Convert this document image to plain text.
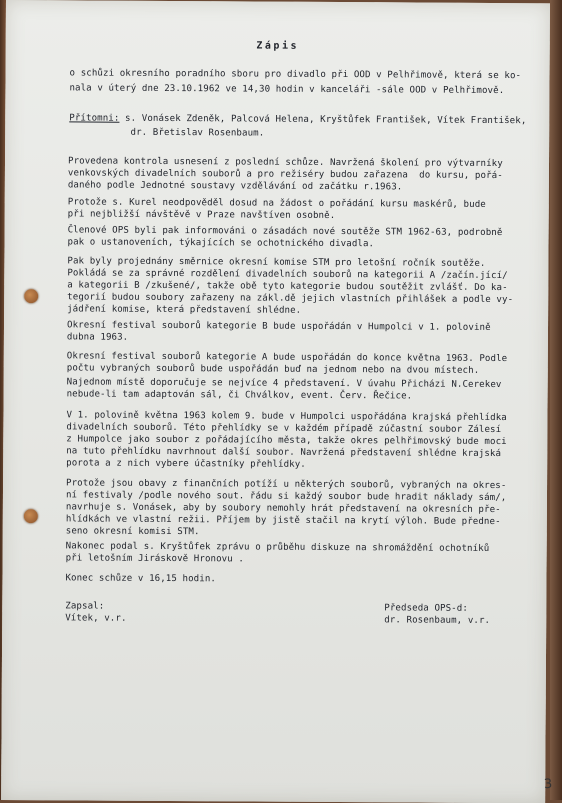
Zápis
o schůzi okresního poradního sboru pro divadlo při OOD v Pelhřimově, která se ko-
nala v úterý dne 23.10.1962 ve 14,30 hodin v kanceláři -sále OOD v Pelhřimově.
Přítomni: s. Vonásek Zdeněk, Palcová Helena, Kryštůfek František, Vítek František,
dr. Břetislav Rosenbaum.
Provedena kontrola usnesení z poslední schůze. Navržená školení pro výtvarníky
venkovských divadelních souborů a pro režiséry budou zařazena  do kursu, pořá-
daného podle Jednotné soustavy vzdělávání od začátku r.1963.
Protože s. Kurel neodpověděl dosud na žádost o pořádání kursu maskérů, bude
při nejbližší návštěvě v Praze navštíven osobně.
Členové OPS byli pak informováni o zásadách nové soutěže STM 1962-63, podrobně
pak o ustanoveních, týkajících se ochotnického divadla.
Pak byly projednány směrnice okresní komise STM pro letošní ročník soutěže.
Pokládá se za správné rozdělení divadelních souborů na kategorii A /začín.jící/
a kategorii B /zkušené/, takže obě tyto kategorie budou soutěžit zvlášť. Do ka-
tegorií budou soubory zařazeny na zákl.dě jejich vlastních přihlášek a podle vy-
jádření komise, která představení shlédne.
Okresní festival souborů kategorie B bude uspořádán v Humpolci v 1. polovině
dubna 1963.
Okresní festival souborů kategorie A bude uspořádán do konce května 1963. Podle
počtu vybraných souborů bude uspořádán buď na jednom nebo na dvou místech.
Najednom místě doporučuje se nejvíce 4 představení. V úvahu Přicházi N.Cerekev
nebude-li tam adaptován sál, či Chválkov, event. Červ. Řečice.
V 1. polovině května 1963 kolem 9. bude v Humpolci uspořádána krajská přehlídka
divadelních souborů. Této přehlídky se v každém případě zúčastní soubor Zálesí
z Humpolce jako soubor z pořádajícího města, takže okres pelhřimovský bude moci
na tuto přehlídku navrhnout další soubor. Navržená představení shlédne krajská
porota a z nich vybere účastníky přehlídky.
Protože jsou obavy z finančních potíží u některých souborů, vybraných na okres-
ní festivaly /podle nového sout. řádu si každý soubor bude hradit náklady sám/,
navrhuje s. Vonásek, aby by soubory nemohly hrát představení na okresních pře-
hlídkách ve vlastní režii. Příjem by jistě stačil na krytí výloh. Bude předne-
seno okresní komisi STM.
Nakonec podal s. Kryštůfek zprávu o průběhu diskuze na shromáždění ochotníků
při letošním Jiráskově Hronovu .
Konec schůze v 16,15 hodin.
Zapsal:
Vítek, v.r.
Předseda OPS-d:
dr. Rosenbaum, v.r.
3
